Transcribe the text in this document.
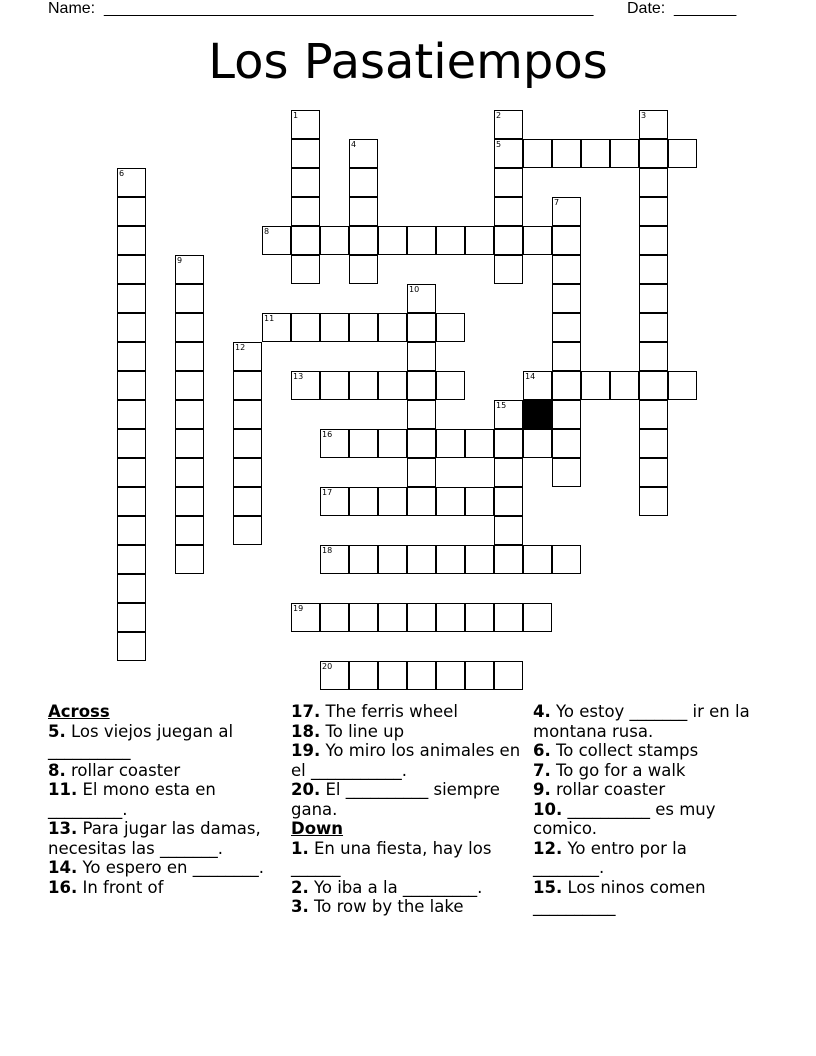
Name: _______________________________________________________ Date: _______
Los Pasatiempos
1	2
5
3
4
6
7
8
9
10
11
12
13	14
15
16
17
18
19
20
Across
5. Los viejos juegan al __________
8. rollar coaster
11. El mono esta en _________.
13. Para jugar las damas, necesitas las _______.
14. Yo espero en ________.
16. In front of
17. The ferris wheel
18. To line up
19. Yo miro los animales en el ___________.
20. El __________ siempre gana.
Down
1. En una fiesta, hay los ______
2. Yo iba a la _________.
3. To row by the lake
4. Yo estoy _______ ir en la montana rusa.
6. To collect stamps
7. To go for a walk
9. rollar coaster
10. __________ es muy comico.
12. Yo entro por la ________.
15. Los ninos comen __________
